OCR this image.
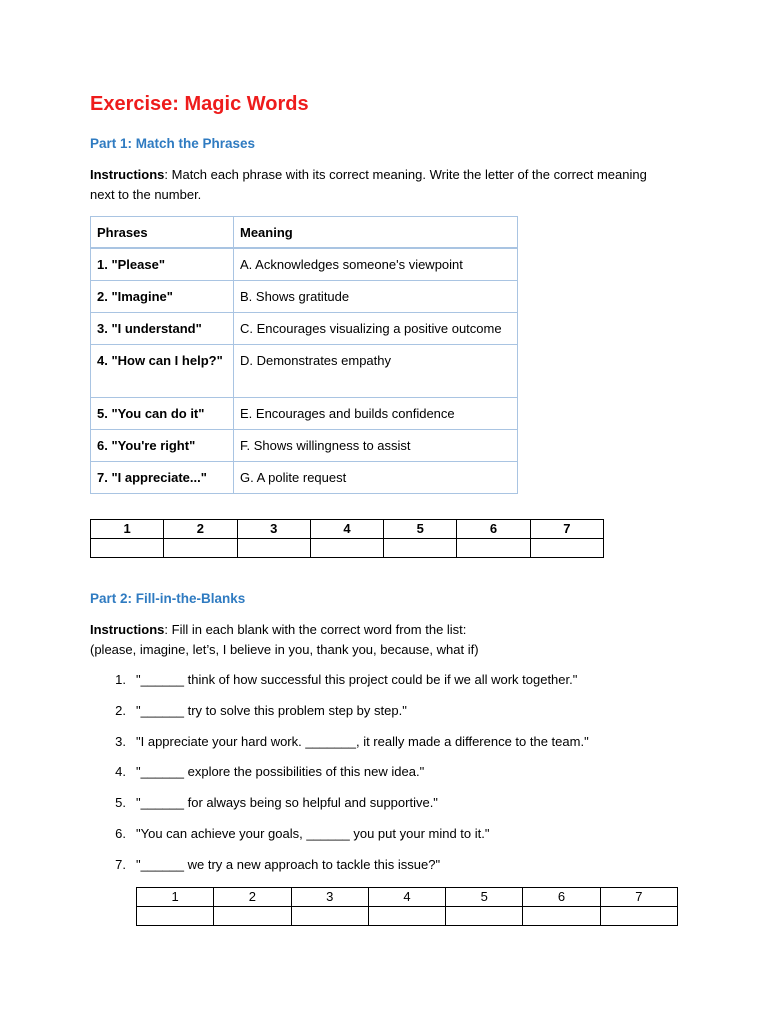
Exercise: Magic Words
Part 1: Match the Phrases

Instructions: Match each phrase with its correct meaning. Write the letter of the correct meaning next to the number.

Phrases	Meaning
1. "Please"	A. Acknowledges someone's viewpoint
2. "Imagine"	B. Shows gratitude
3. "I understand"	C. Encourages visualizing a positive outcome
4. "How can I help?"	D. Demonstrates empathy
5. "You can do it"	E. Encourages and builds confidence
6. "You're right"	F. Shows willingness to assist
7. "I appreciate..."	G. A polite request
1	2	3	4	5	6	7

Part 2: Fill-in-the-Blanks

Instructions: Fill in each blank with the correct word from the list:
(please, imagine, let’s, I believe in you, thank you, because, what if)

1. "______ think of how successful this project could be if we all work together."
2. "______ try to solve this problem step by step."
3. "I appreciate your hard work. _______, it really made a difference to the team."
4. "______ explore the possibilities of this new idea."
5. "______ for always being so helpful and supportive."
6. "You can achieve your goals, ______ you put your mind to it."
7. "______ we try a new approach to tackle this issue?"
1	2	3	4	5	6	7
